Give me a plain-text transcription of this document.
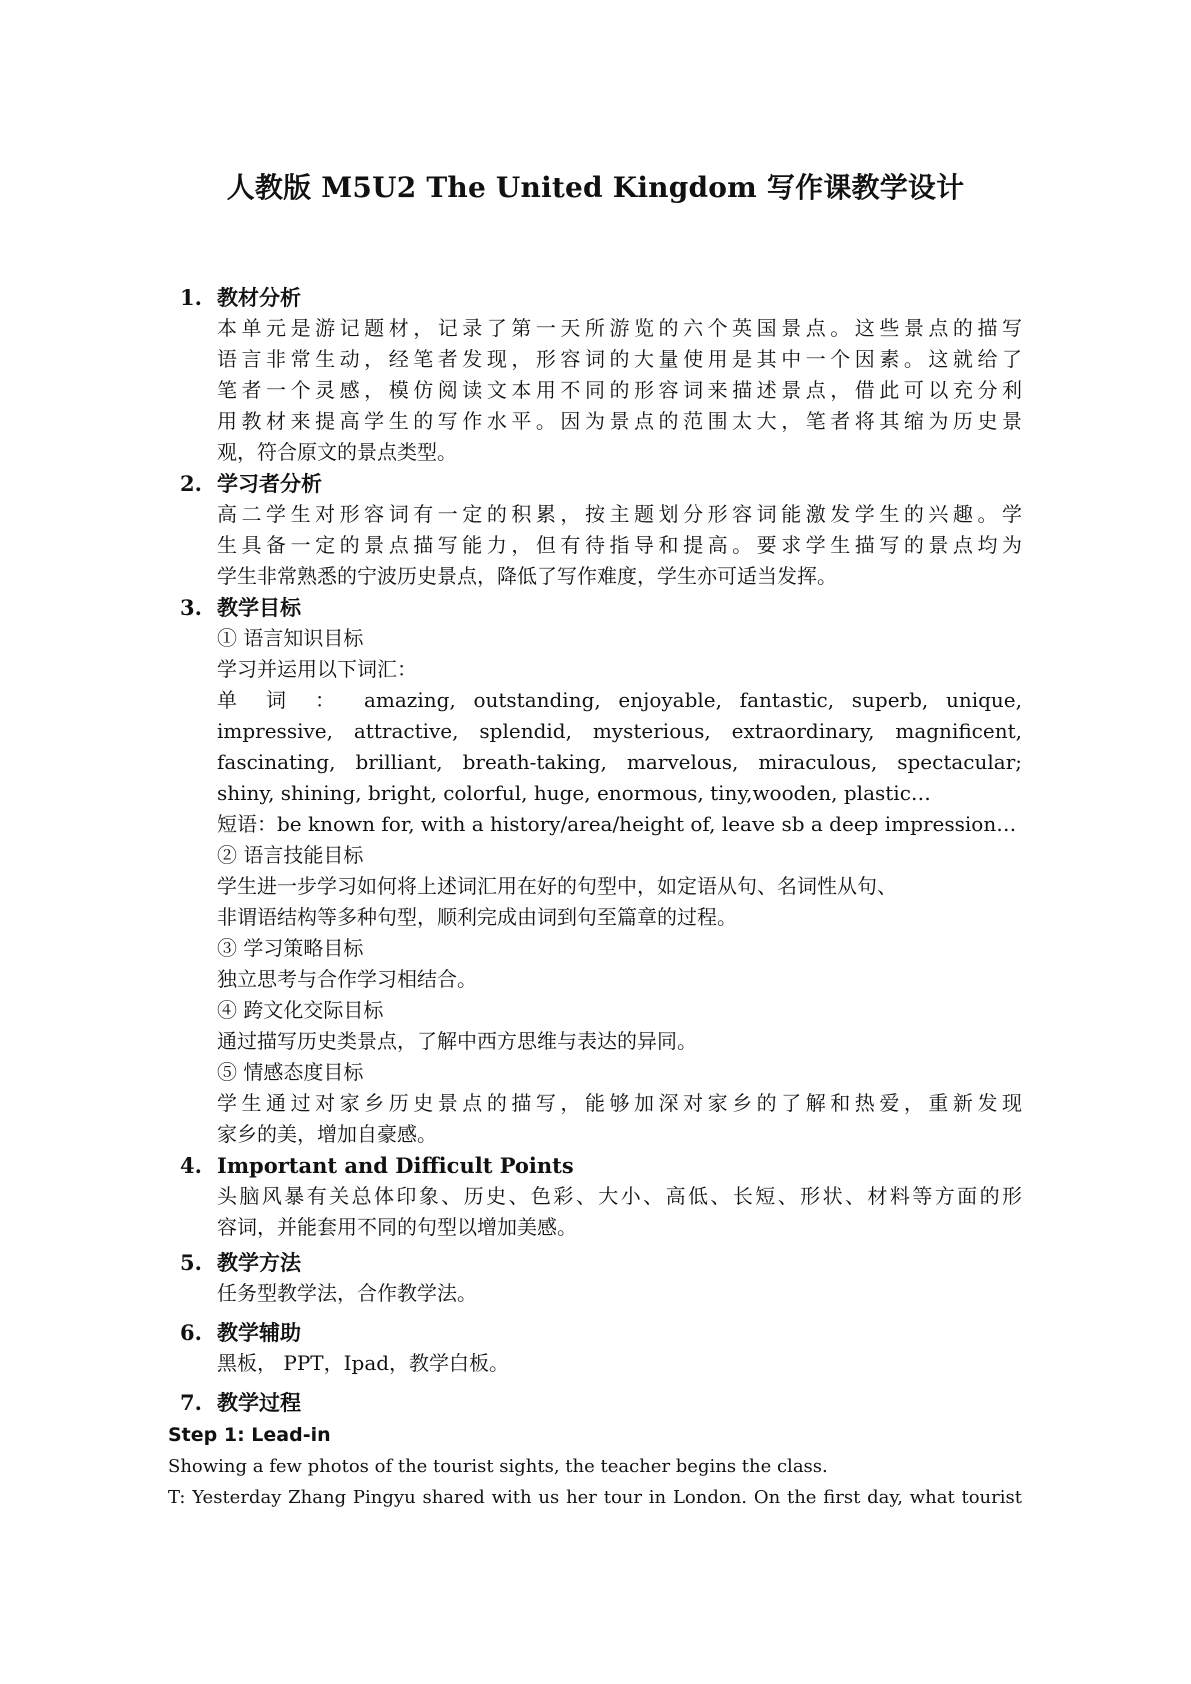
人教版 M5U2 The United Kingdom 写作课教学设计
1. 教材分析
本单元是游记题材，记录了第一天所游览的六个英国景点。这些景点的描写
语言非常生动，经笔者发现，形容词的大量使用是其中一个因素。这就给了
笔者一个灵感，模仿阅读文本用不同的形容词来描述景点，借此可以充分利
用教材来提高学生的写作水平。因为景点的范围太大，笔者将其缩为历史景
观，符合原文的景点类型。
2. 学习者分析
高二学生对形容词有一定的积累，按主题划分形容词能激发学生的兴趣。学
生具备一定的景点描写能力，但有待指导和提高。要求学生描写的景点均为
学生非常熟悉的宁波历史景点，降低了写作难度，学生亦可适当发挥。
3. 教学目标
① 语言知识目标
学习并运用以下词汇：
单 词 ： amazing, outstanding, enjoyable, fantastic, superb, unique,
impressive, attractive, splendid, mysterious, extraordinary, magnificent,
fascinating, brilliant, breath-taking, marvelous, miraculous, spectacular;
shiny, shining, bright, colorful, huge, enormous, tiny,wooden, plastic…
短语：be known for, with a history/area/height of, leave sb a deep impression…
② 语言技能目标
学生进一步学习如何将上述词汇用在好的句型中，如定语从句、名词性从句、
非谓语结构等多种句型，顺利完成由词到句至篇章的过程。
③ 学习策略目标
独立思考与合作学习相结合。
④ 跨文化交际目标
通过描写历史类景点，了解中西方思维与表达的异同。
⑤ 情感态度目标
学生通过对家乡历史景点的描写，能够加深对家乡的了解和热爱，重新发现
家乡的美，增加自豪感。
4. Important and Difficult Points
头脑风暴有关总体印象、历史、色彩、大小、高低、长短、形状、材料等方面的形
容词，并能套用不同的句型以增加美感。
5. 教学方法
任务型教学法，合作教学法。
6. 教学辅助
黑板， PPT，Ipad，教学白板。
7. 教学过程
Step 1: Lead-in
Showing a few photos of the tourist sights, the teacher begins the class.
T: Yesterday Zhang Pingyu shared with us her tour in London. On the first day, what tourist
